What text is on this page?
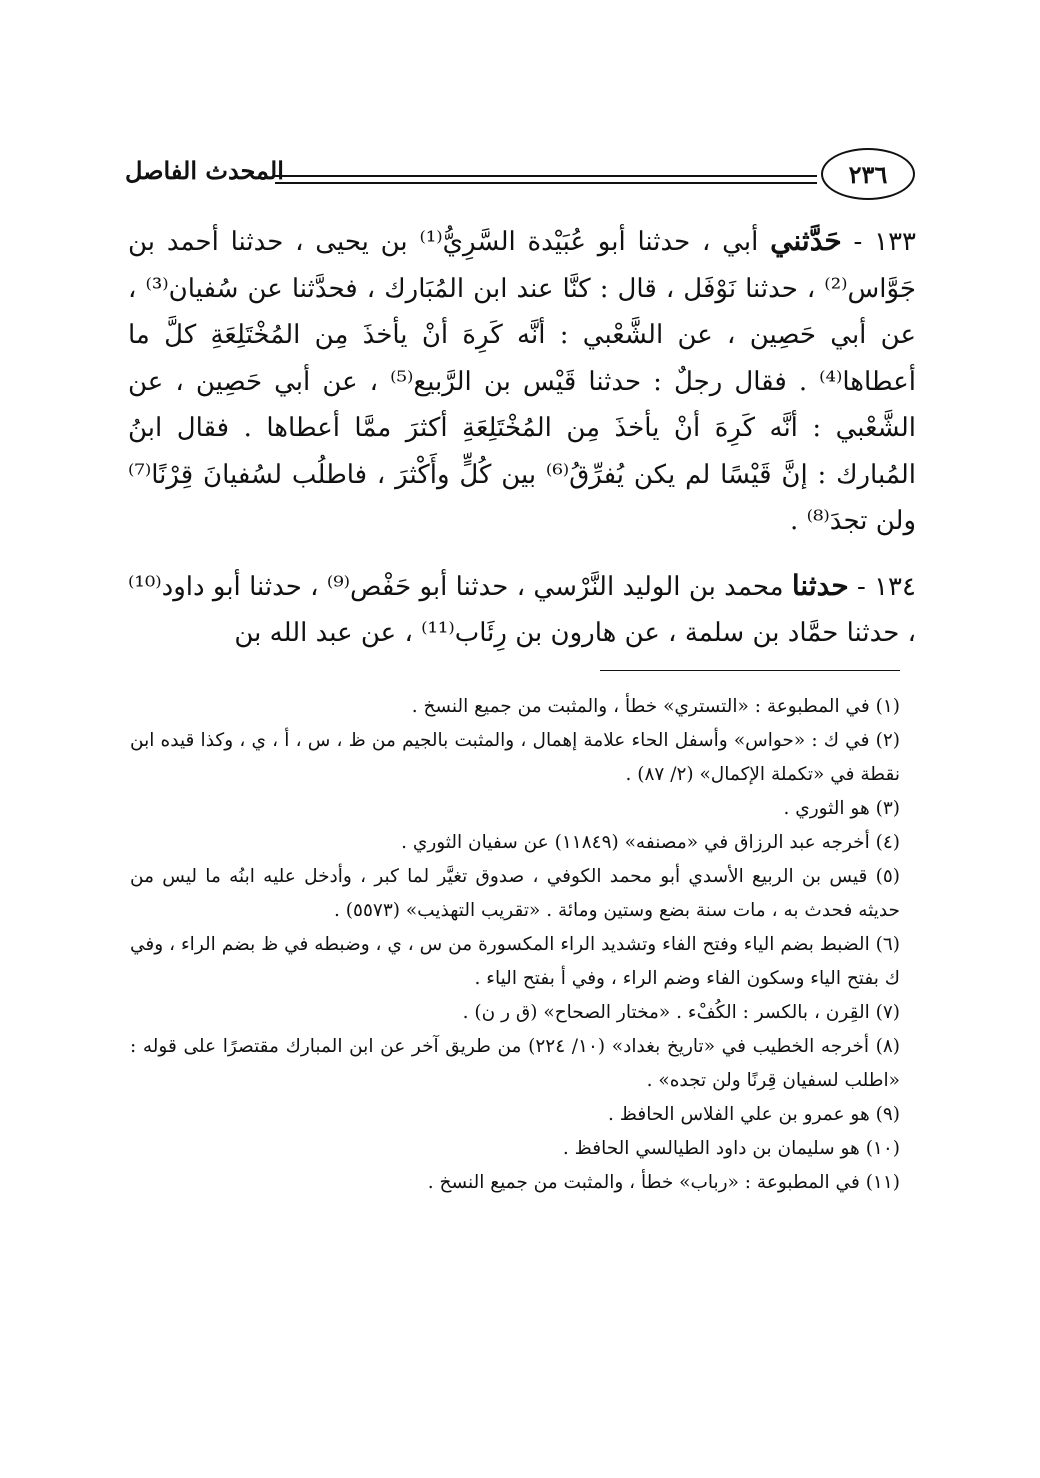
المحدث الفاصل	٢٣٦

١٣٣ - حَدَّثني أبي ، حدثنا أبو عُبَيْدة السَّرِيُّ⁽¹⁾ بن يحيى ، حدثنا أحمد بن جَوَّاس⁽²⁾ ، حدثنا نَوْفَل ، قال : كنَّا عند ابن المُبَارك ، فحدَّثنا عن سُفيان⁽³⁾ ، عن أبي حَصِين ، عن الشَّعْبي : أنَّه كَرِهَ أنْ يأخذَ مِن المُخْتَلِعَةِ كلَّ ما أعطاها⁽⁴⁾ . فقال رجلٌ : حدثنا قَيْس بن الرَّبيع⁽⁵⁾ ، عن أبي حَصِين ، عن الشَّعْبي : أنَّه كَرِهَ أنْ يأخذَ مِن المُخْتَلِعَةِ أكثرَ ممَّا أعطاها . فقال ابنُ المُبارك : إنَّ قَيْسًا لم يكن يُفرِّقُ⁽⁶⁾ بين كُلٍّ وأَكْثرَ ، فاطلُب لسُفيانَ قِرْنًا⁽⁷⁾ ولن تجدَ⁽⁸⁾ .

١٣٤ - حدثنا محمد بن الوليد النَّرْسي ، حدثنا أبو حَفْص⁽⁹⁾ ، حدثنا أبو داود⁽¹⁰⁾ ، حدثنا حمَّاد بن سلمة ، عن هارون بن رِئَاب⁽¹¹⁾ ، عن عبد الله بن

(١) في المطبوعة : «التستري» خطأ ، والمثبت من جميع النسخ .

(٢) في ك : «حواس» وأسفل الحاء علامة إهمال ، والمثبت بالجيم من ظ ، س ، أ ، ي ، وكذا قيده ابن نقطة في «تكملة الإكمال» (٢/ ٨٧) .

(٣) هو الثوري .

(٤) أخرجه عبد الرزاق في «مصنفه» (١١٨٤٩) عن سفيان الثوري .

(٥) قيس بن الربيع الأسدي أبو محمد الكوفي ، صدوق تغيَّر لما كبر ، وأدخل عليه ابنُه ما ليس من حديثه فحدث به ، مات سنة بضع وستين ومائة . «تقريب التهذيب» (٥٥٧٣) .

(٦) الضبط بضم الياء وفتح الفاء وتشديد الراء المكسورة من س ، ي ، وضبطه في ظ بضم الراء ، وفي ك بفتح الياء وسكون الفاء وضم الراء ، وفي أ بفتح الياء .

(٧) القِرن ، بالكسر : الكُفْء . «مختار الصحاح» (ق ر ن) .

(٨) أخرجه الخطيب في «تاريخ بغداد» (١٠/ ٢٢٤) من طريق آخر عن ابن المبارك مقتصرًا على قوله : «اطلب لسفيان قِرنًا ولن تجده» .

(٩) هو عمرو بن علي الفلاس الحافظ .

(١٠) هو سليمان بن داود الطيالسي الحافظ .

(١١) في المطبوعة : «رباب» خطأ ، والمثبت من جميع النسخ .
